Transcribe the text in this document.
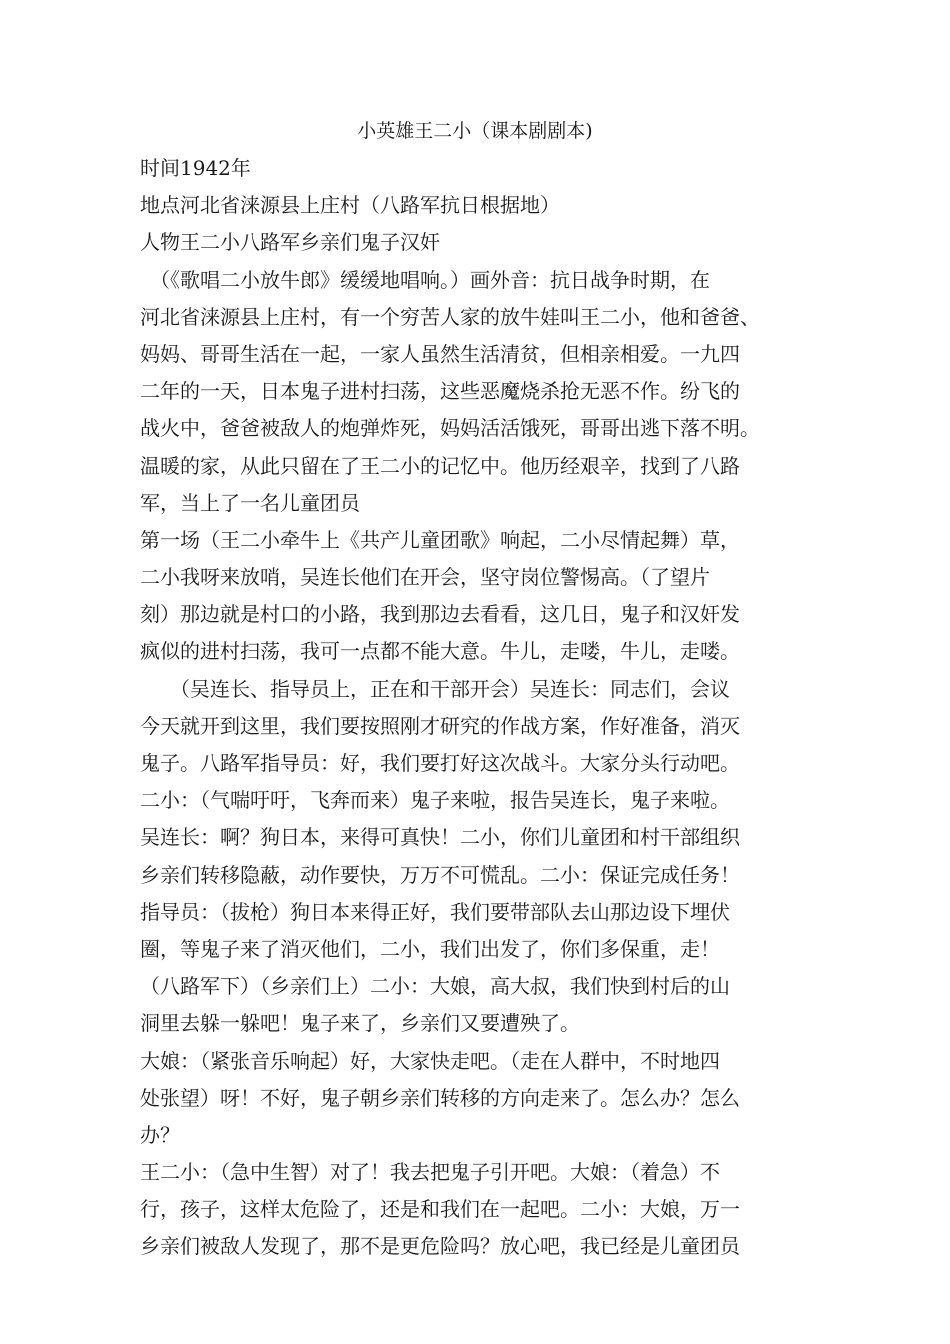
小英雄王二小（课本剧剧本)
时间1942年
地点河北省涞源县上庄村（八路军抗日根据地）
人物王二小八路军乡亲们鬼子汉奸
　（《歌唱二小放牛郎》缓缓地唱响。）画外音：抗日战争时期，在
河北省涞源县上庄村，有一个穷苦人家的放牛娃叫王二小，他和爸爸、
妈妈、哥哥生活在一起，一家人虽然生活清贫，但相亲相爱。一九四
二年的一天，日本鬼子进村扫荡，这些恶魔烧杀抢无恶不作。纷飞的
战火中，爸爸被敌人的炮弹炸死，妈妈活活饿死，哥哥出逃下落不明。
温暖的家，从此只留在了王二小的记忆中。他历经艰辛，找到了八路
军，当上了一名儿童团员
第一场（王二小牵牛上《共产儿童团歌》响起，二小尽情起舞）草，
二小我呀来放哨，吴连长他们在开会，坚守岗位警惕高。（了望片
刻）那边就是村口的小路，我到那边去看看，这几日，鬼子和汉奸发
疯似的进村扫荡，我可一点都不能大意。牛儿，走喽，牛儿，走喽。
　　（吴连长、指导员上，正在和干部开会）吴连长：同志们，会议
今天就开到这里，我们要按照刚才研究的作战方案，作好准备，消灭
鬼子。八路军指导员：好，我们要打好这次战斗。大家分头行动吧。
二小：（气喘吁吁，飞奔而来）鬼子来啦，报告吴连长，鬼子来啦。
吴连长：啊？狗日本，来得可真快！二小，你们儿童团和村干部组织
乡亲们转移隐蔽，动作要快，万万不可慌乱。二小：保证完成任务！
指导员：（拔枪）狗日本来得正好，我们要带部队去山那边设下埋伏
圈，等鬼子来了消灭他们，二小，我们出发了，你们多保重，走！
（八路军下）（乡亲们上）二小：大娘，高大叔，我们快到村后的山
洞里去躲一躲吧！鬼子来了，乡亲们又要遭殃了。
大娘：（紧张音乐响起）好，大家快走吧。（走在人群中，不时地四
处张望）呀！不好，鬼子朝乡亲们转移的方向走来了。怎么办？怎么
办？
王二小：（急中生智）对了！我去把鬼子引开吧。大娘：（着急）不
行，孩子，这样太危险了，还是和我们在一起吧。二小：大娘，万一
乡亲们被敌人发现了，那不是更危险吗？放心吧，我已经是儿童团员
